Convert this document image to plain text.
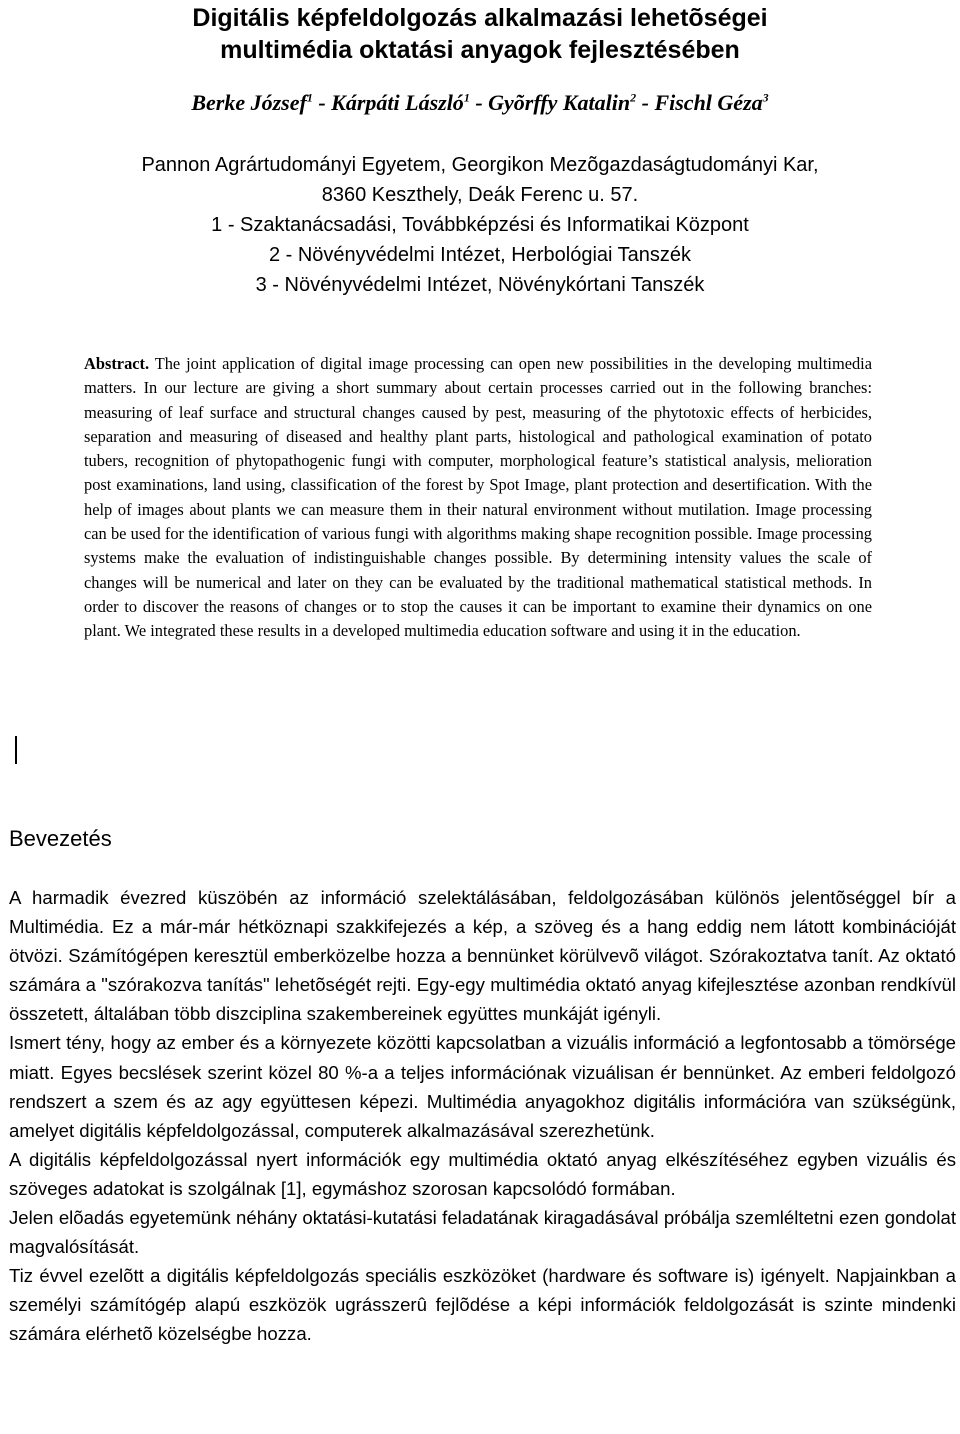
Digitális képfeldolgozás alkalmazási lehetõségei
multimédia oktatási anyagok fejlesztésében
Berke József$^1$ - Kárpáti László$^1$ - Gyõrffy Katalin$^2$ - Fischl Géza$^3$
Pannon Agrártudományi Egyetem, Georgikon Mezõgazdaságtudományi Kar,
8360 Keszthely, Deák Ferenc u. 57.
1 - Szaktanácsadási, Továbbképzési és Informatikai Központ
2 - Növényvédelmi Intézet, Herbológiai Tanszék
3 - Növényvédelmi Intézet, Növénykórtani Tanszék
Abstract. The joint application of digital image processing can open new possibilities in the developing multimedia matters. In our lecture are giving a short summary about certain processes carried out in the following branches: measuring of leaf surface and structural changes caused by pest, measuring of the phytotoxic effects of herbicides, separation and measuring of diseased and healthy plant parts, histological and pathological examination of potato tubers, recognition of phytopathogenic fungi with computer, morphological feature’s statistical analysis, melioration post examinations, land using, classification of the forest by Spot Image, plant protection and desertification. With the help of images about plants we can measure them in their natural environment without mutilation. Image processing can be used for the identification of various fungi with algorithms making shape recognition possible. Image processing systems make the evaluation of indistinguishable changes possible. By determining intensity values the scale of changes will be numerical and later on they can be evaluated by the traditional mathematical statistical methods. In order to discover the reasons of changes or to stop the causes it can be important to examine their dynamics on one plant. We integrated these results in a developed multimedia education software and using it in the education.
Bevezetés

A harmadik évezred küszöbén az információ szelektálásában, feldolgozásában különös jelentõséggel bír a Multimédia. Ez a már-már hétköznapi szakkifejezés a kép, a szöveg és a hang eddig nem látott kombinációját ötvözi. Számítógépen keresztül emberközelbe hozza a bennünket körülvevõ világot. Szórakoztatva tanít. Az oktató számára a "szórakozva tanítás" lehetõségét rejti. Egy-egy multimédia oktató anyag kifejlesztése azonban rendkívül összetett, általában több diszciplina szakembereinek együttes munkáját igényli.

Ismert tény, hogy az ember és a környezete közötti kapcsolatban a vizuális információ a legfontosabb a tömörsége miatt. Egyes becslések szerint közel 80 %-a a teljes információnak vizuálisan ér bennünket. Az emberi feldolgozó rendszert a szem és az agy együttesen képezi. Multimédia anyagokhoz digitális információra van szükségünk, amelyet digitális képfeldolgozással, computerek alkalmazásával szerezhetünk.

A digitális képfeldolgozással nyert információk egy multimédia oktató anyag elkészítéséhez egyben vizuális és szöveges adatokat is szolgálnak [1], egymáshoz szorosan kapcsolódó formában.

Jelen elõadás egyetemünk néhány oktatási-kutatási feladatának kiragadásával próbálja szemléltetni ezen gondolat magvalósítását.

Tiz évvel ezelõtt a digitális képfeldolgozás speciális eszközöket (hardware és software is) igényelt. Napjainkban a személyi számítógép alapú eszközök ugrásszerû fejlõdése a képi információk feldolgozását is szinte mindenki számára elérhetõ közelségbe hozza.
